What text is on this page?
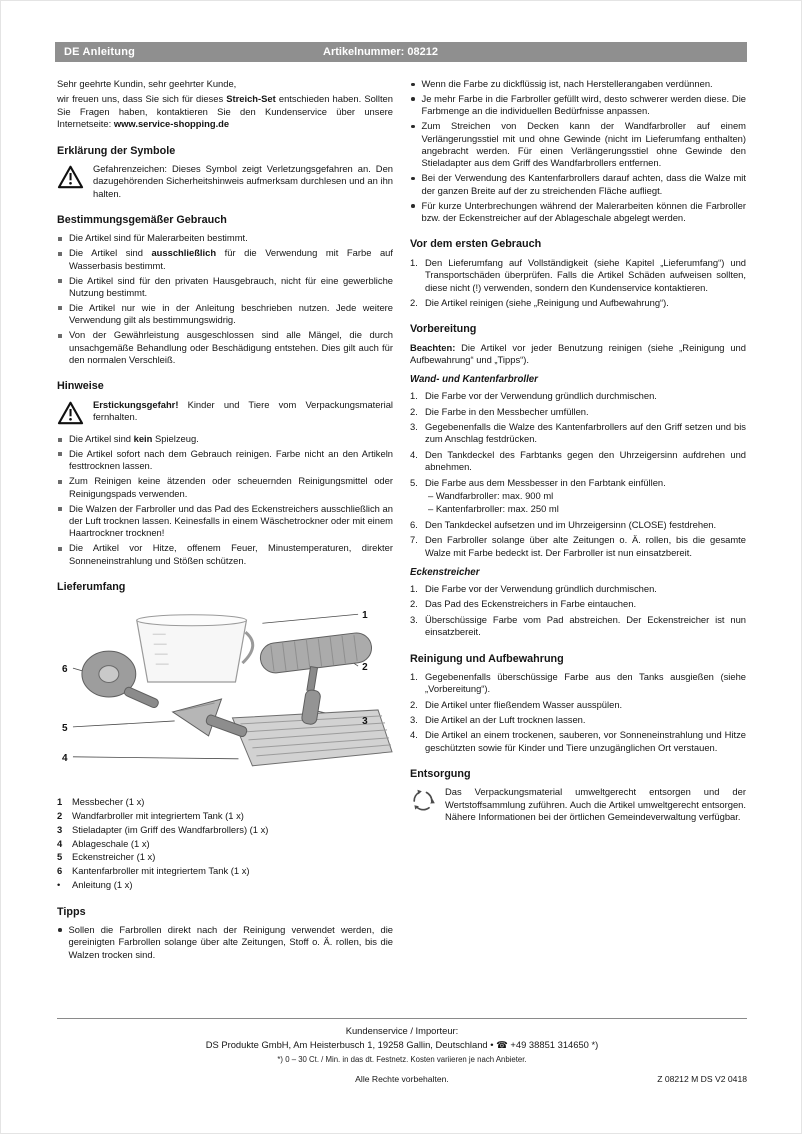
DE Anleitung	Artikelnummer: 08212

Sehr geehrte Kundin, sehr geehrter Kunde,

wir freuen uns, dass Sie sich für dieses Streich-Set entschieden haben. Sollten Sie Fragen haben, kontaktieren Sie den Kundenservice über unsere Internetseite: www.service-shopping.de

Erklärung der Symbole
Gefahrenzeichen: Dieses Symbol zeigt Verletzungsgefahren an. Den dazugehörenden Sicherheitshinweis aufmerksam durchlesen und an ihn halten.
Bestimmungsgemäßer Gebrauch
Die Artikel sind für Malerarbeiten bestimmt.
Die Artikel sind ausschließlich für die Verwendung mit Farbe auf Wasserbasis bestimmt.
Die Artikel sind für den privaten Hausgebrauch, nicht für eine gewerbliche Nutzung bestimmt.
Die Artikel nur wie in der Anleitung beschrieben nutzen. Jede weitere Verwendung gilt als bestimmungswidrig.
Von der Gewährleistung ausgeschlossen sind alle Mängel, die durch unsachgemäße Behandlung oder Beschädigung entstehen. Dies gilt auch für den normalen Verschleiß.
Hinweise
Erstickungsgefahr! Kinder und Tiere vom Verpackungsmaterial fernhalten.
Die Artikel sind kein Spielzeug.
Die Artikel sofort nach dem Gebrauch reinigen. Farbe nicht an den Artikeln festtrocknen lassen.
Zum Reinigen keine ätzenden oder scheuernden Reinigungsmittel oder Reinigungspads verwenden.
Die Walzen der Farbroller und das Pad des Eckenstreichers ausschließlich an der Luft trocknen lassen. Keinesfalls in einem Wäschetrockner oder mit einem Haartrockner trocknen!
Die Artikel vor Hitze, offenem Feuer, Minustemperaturen, direkter Sonneneinstrahlung und Stößen schützen.
Lieferumfang
1
2
3
4
5
6
1	Messbecher (1 x)
2	Wandfarbroller mit integriertem Tank (1 x)
3	Stieladapter (im Griff des Wandfarbrollers) (1 x)
4	Ablageschale (1 x)
5	Eckenstreicher (1 x)
6	Kantenfarbroller mit integriertem Tank (1 x)
•	Anleitung (1 x)
Tipps
Sollen die Farbrollen direkt nach der Reinigung verwendet werden, die gereinigten Farbrollen solange über alte Zeitungen, Stoff o. Ä. rollen, bis die Walzen trocken sind.
Wenn die Farbe zu dickflüssig ist, nach Herstellerangaben verdünnen.
Je mehr Farbe in die Farbroller gefüllt wird, desto schwerer werden diese. Die Farbmenge an die individuellen Bedürfnisse anpassen.
Zum Streichen von Decken kann der Wandfarbroller auf einem Verlängerungsstiel mit und ohne Gewinde (nicht im Lieferumfang enthalten) angebracht werden. Für einen Verlängerungsstiel ohne Gewinde den Stieladapter aus dem Griff des Wandfarbrollers entfernen.
Bei der Verwendung des Kantenfarbrollers darauf achten, dass die Walze mit der ganzen Breite auf der zu streichenden Fläche aufliegt.
Für kurze Unterbrechungen während der Malerarbeiten können die Farbroller bzw. der Eckenstreicher auf der Ablageschale abgelegt werden.
Vor dem ersten Gebrauch
Den Lieferumfang auf Vollständigkeit (siehe Kapitel „Lieferumfang“) und Transportschäden überprüfen. Falls die Artikel Schäden aufweisen sollten, diese nicht (!) verwenden, sondern den Kundenservice kontaktieren.
Die Artikel reinigen (siehe „Reinigung und Aufbewahrung“).
Vorbereitung

Beachten: Die Artikel vor jeder Benutzung reinigen (siehe „Reinigung und Aufbewahrung“ und „Tipps“).

Wand- und Kantenfarbroller
Die Farbe vor der Verwendung gründlich durchmischen.
Die Farbe in den Messbecher umfüllen.
Gegebenenfalls die Walze des Kantenfarbrollers auf den Griff setzen und bis zum Anschlag festdrücken.
Den Tankdeckel des Farbtanks gegen den Uhrzeigersinn aufdrehen und abnehmen.
Die Farbe aus dem Messbesser in den Farbtank einfüllen.
– Wandfarbroller: max. 900 ml
– Kantenfarbroller: max. 250 ml
Den Tankdeckel aufsetzen und im Uhrzeigersinn (CLOSE) festdrehen.
Den Farbroller solange über alte Zeitungen o. Ä. rollen, bis die gesamte Walze mit Farbe bedeckt ist. Der Farbroller ist nun einsatzbereit.
Eckenstreicher
Die Farbe vor der Verwendung gründlich durchmischen.
Das Pad des Eckenstreichers in Farbe eintauchen.
Überschüssige Farbe vom Pad abstreichen. Der Eckenstreicher ist nun einsatzbereit.
Reinigung und Aufbewahrung
Gegebenenfalls überschüssige Farbe aus den Tanks ausgießen (siehe „Vorbereitung“).
Die Artikel unter fließendem Wasser ausspülen.
Die Artikel an der Luft trocknen lassen.
Die Artikel an einem trockenen, sauberen, vor Sonneneinstrahlung und Hitze geschützten sowie für Kinder und Tiere unzugänglichen Ort verstauen.
Entsorgung
Das Verpackungsmaterial umweltgerecht entsorgen und der Wertstoffsammlung zuführen. Auch die Artikel umweltgerecht entsorgen. Nähere Informationen bei der örtlichen Gemeindeverwaltung verfügbar.
Kundenservice / Importeur:
DS Produkte GmbH, Am Heisterbusch 1, 19258 Gallin, Deutschland • ☎ +49 38851 314650 *)
*) 0 – 30 Ct. / Min. in das dt. Festnetz. Kosten variieren je nach Anbieter.
Alle Rechte vorbehalten.	Z 08212 M DS V2 0418
